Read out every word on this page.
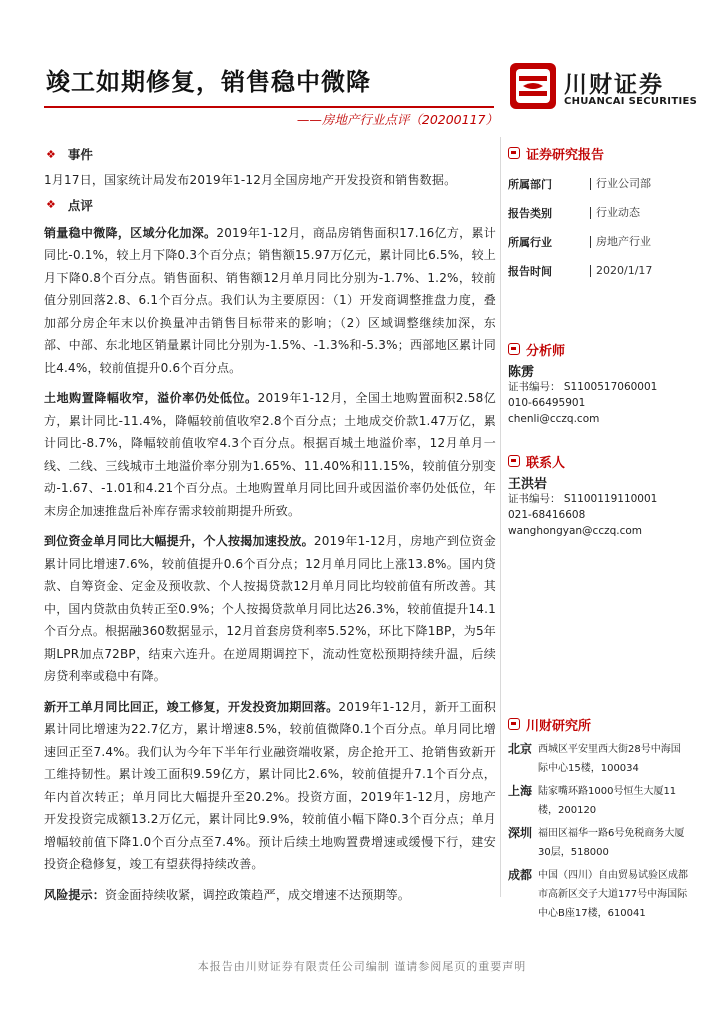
竣工如期修复，销售稳中微降	川财证券
CHUANCAI SECURITIES
——房地产行业点评（20200117）
❖ 事件

1月17日，国家统计局发布2019年1-12月全国房地产开发投资和销售数据。

❖ 点评

销量稳中微降，区域分化加深。2019年1-12月，商品房销售面积17.16亿方，累计同比-0.1%，较上月下降0.3个百分点；销售额15.97万亿元，累计同比6.5%，较上月下降0.8个百分点。销售面积、销售额12月单月同比分别为-1.7%、1.2%，较前值分别回落2.8、6.1个百分点。我们认为主要原因：（1）开发商调整推盘力度，叠加部分房企年末以价换量冲击销售目标带来的影响；（2）区域调整继续加深，东部、中部、东北地区销量累计同比分别为-1.5%、-1.3%和-5.3%；西部地区累计同比4.4%，较前值提升0.6个百分点。

土地购置降幅收窄，溢价率仍处低位。2019年1-12月，全国土地购置面积2.58亿方，累计同比-11.4%，降幅较前值收窄2.8个百分点；土地成交价款1.47万亿，累计同比-8.7%，降幅较前值收窄4.3个百分点。根据百城土地溢价率，12月单月一线、二线、三线城市土地溢价率分别为1.65%、11.40%和11.15%，较前值分别变动-1.67、-1.01和4.21个百分点。土地购置单月同比回升或因溢价率仍处低位，年末房企加速推盘后补库存需求较前期提升所致。

到位资金单月同比大幅提升，个人按揭加速投放。2019年1-12月，房地产到位资金累计同比增速7.6%，较前值提升0.6个百分点；12月单月同比上涨13.8%。国内贷款、自筹资金、定金及预收款、个人按揭贷款12月单月同比均较前值有所改善。其中，国内贷款由负转正至0.9%；个人按揭贷款单月同比达26.3%，较前值提升14.1个百分点。根据融360数据显示，12月首套房贷利率5.52%，环比下降1BP，为5年期LPR加点72BP，结束六连升。在逆周期调控下，流动性宽松预期持续升温，后续房贷利率或稳中有降。

新开工单月同比回正，竣工修复，开发投资加期回落。2019年1-12月，新开工面积累计同比增速为22.7亿方，累计增速8.5%，较前值微降0.1个百分点。单月同比增速回正至7.4%。我们认为今年下半年行业融资端收紧，房企抢开工、抢销售致新开工维持韧性。累计竣工面积9.59亿方，累计同比2.6%，较前值提升7.1个百分点，年内首次转正；单月同比大幅提升至20.2%。投资方面，2019年1-12月，房地产开发投资完成额13.2万亿元，累计同比9.9%，较前值小幅下降0.3个百分点；单月增幅较前值下降1.0个百分点至7.4%。预计后续土地购置费增速或缓慢下行，建安投资企稳修复，竣工有望获得持续改善。

风险提示：资金面持续收紧，调控政策趋严，成交增速不达预期等。

证券研究报告
所属部门	行业公司部
报告类别	行业动态
所属行业	房地产行业
报告时间	2020/1/17
分析师
陈雳
证书编号： S1100517060001
010-66495901
chenli@cczq.com
联系人
王洪岩
证书编号： S1100119110001
021-68416608
wanghongyan@cczq.com
川财研究所
北京 西城区平安里西大街28号中海国际中心15楼，100034
上海 陆家嘴环路1000号恒生大厦11楼，200120
深圳 福田区福华一路6号免税商务大厦30层，518000
成都 中国（四川）自由贸易试验区成都市高新区交子大道177号中海国际中心B座17楼，610041
本报告由川财证券有限责任公司编制 谨请参阅尾页的重要声明
